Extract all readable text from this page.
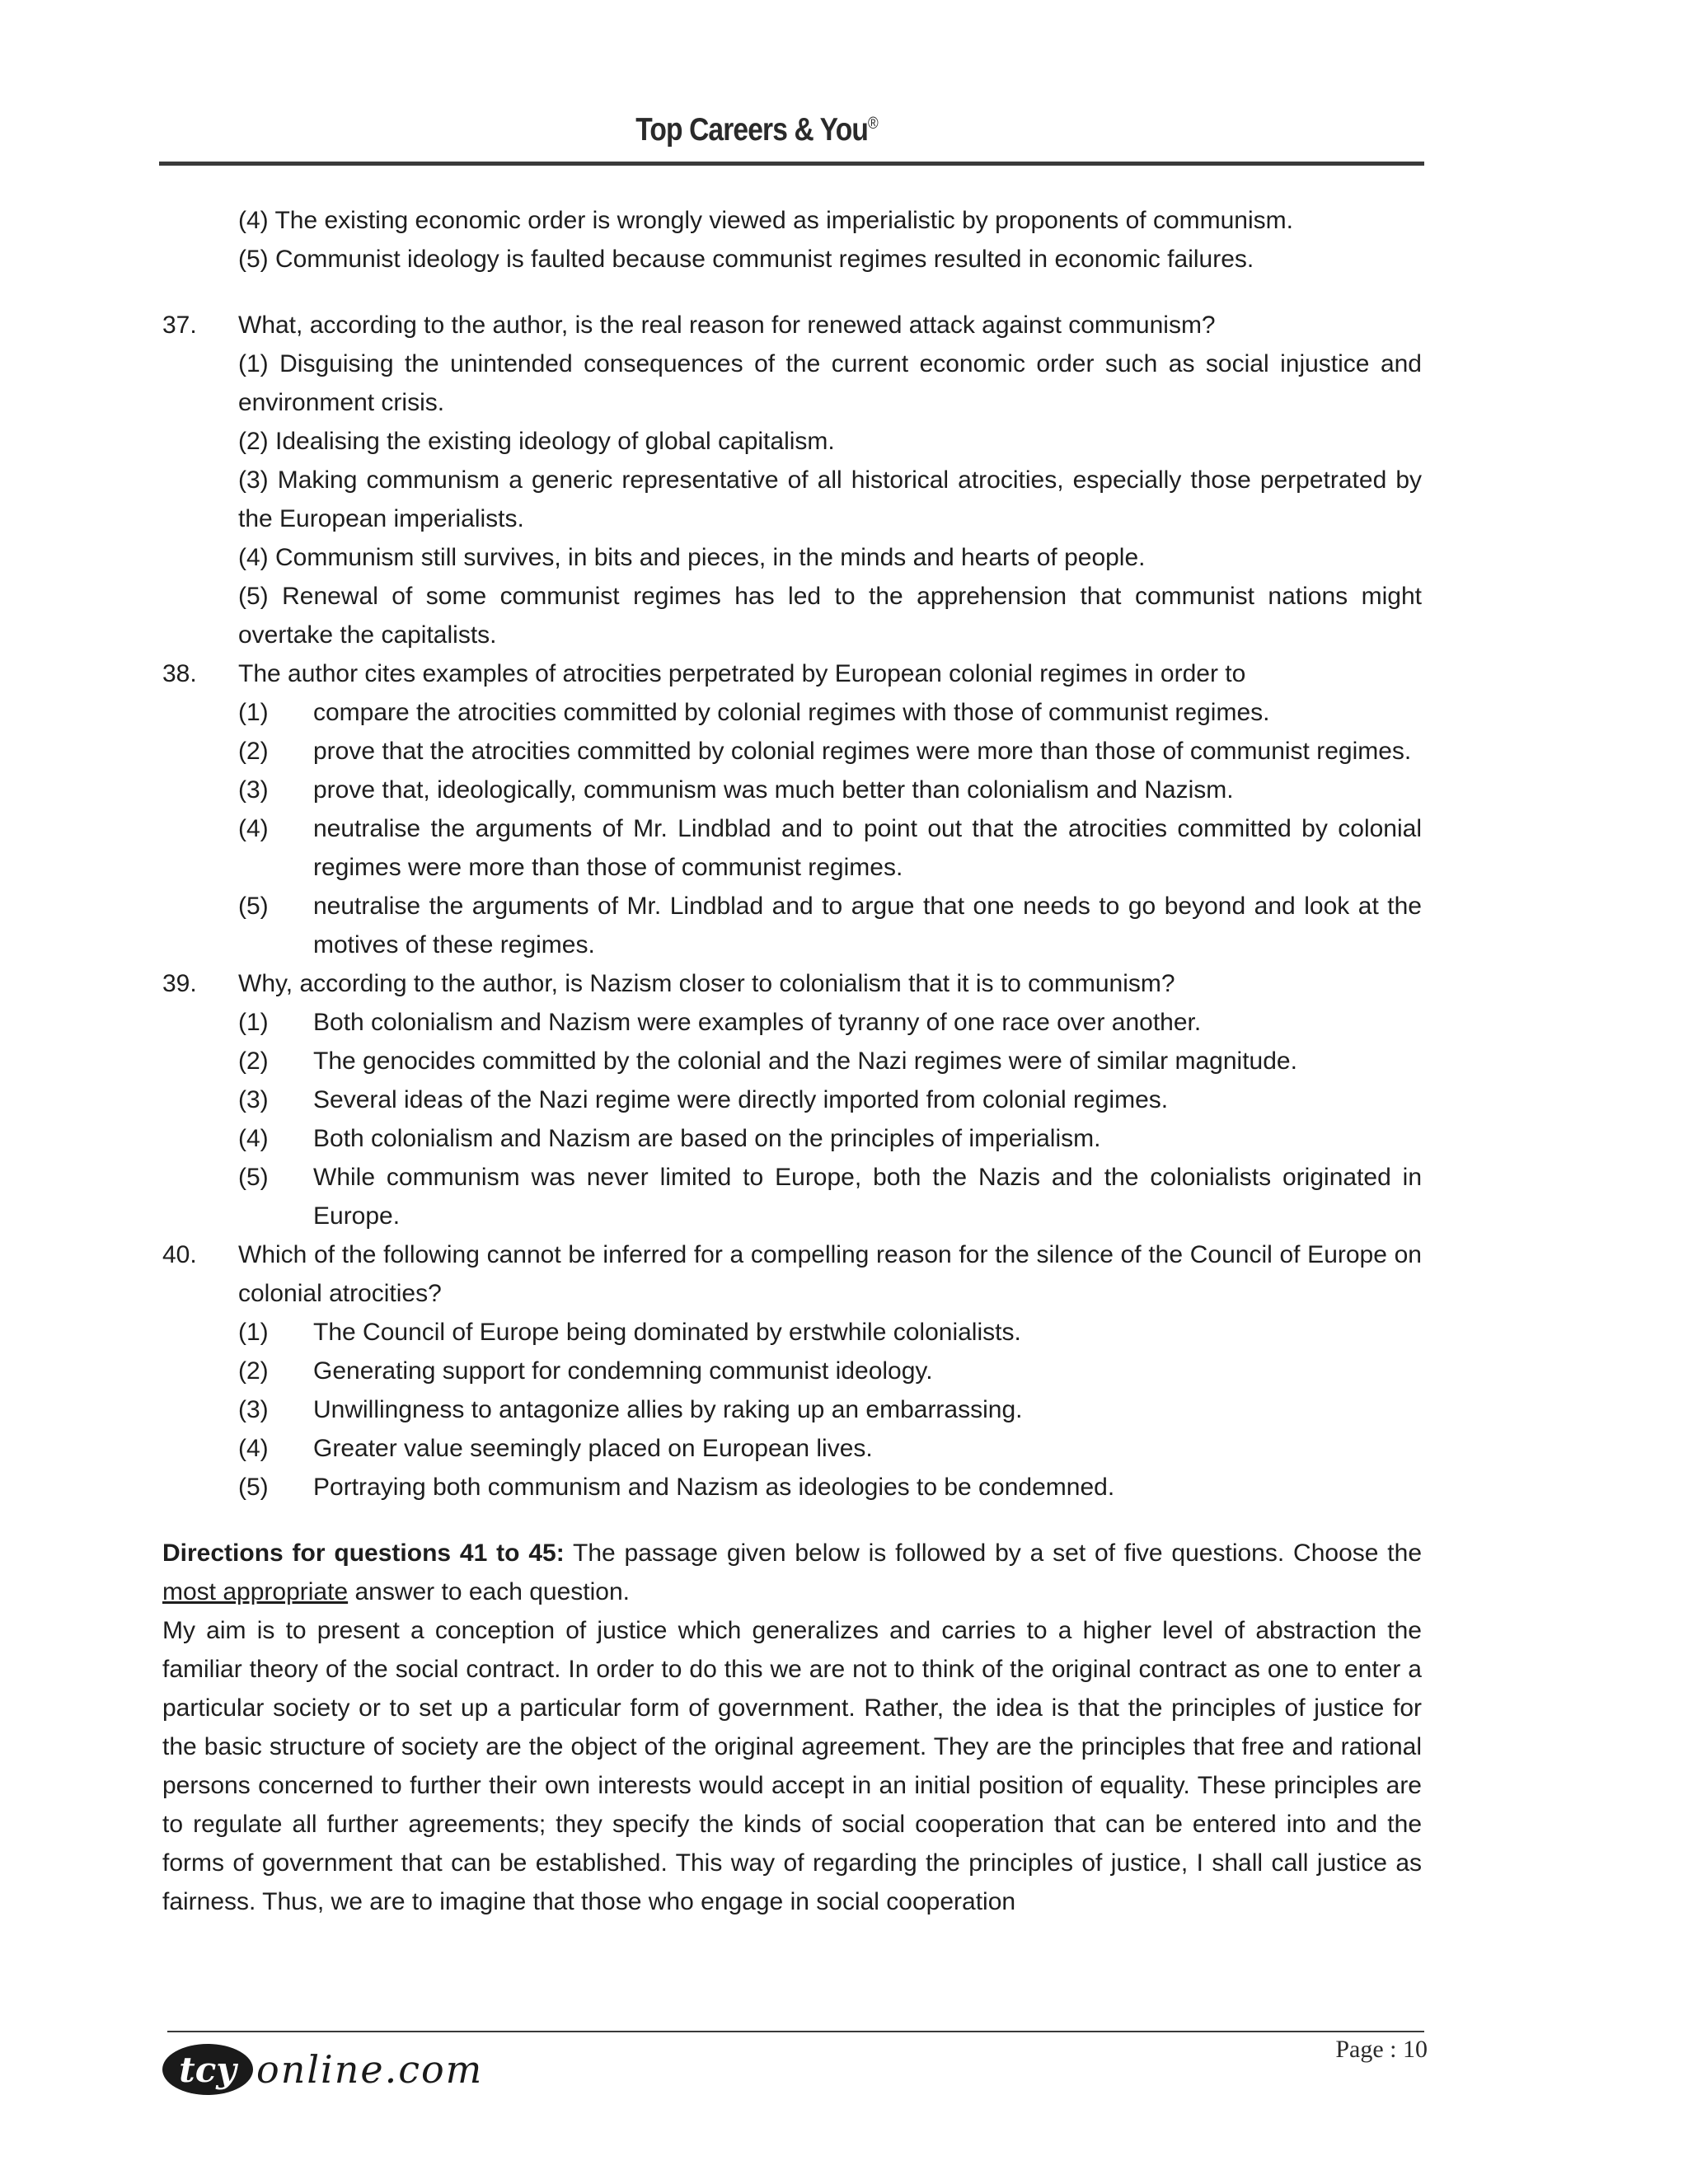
Top Careers & You®
(4) The existing economic order is wrongly viewed as imperialistic by proponents of communism.
(5) Communist ideology is faulted because communist regimes resulted in economic failures.
37.	What, according to the author, is the real reason for renewed attack against communism?
(1) Disguising the unintended consequences of the current economic order such as social injustice and environment crisis.
(2) Idealising the existing ideology of global capitalism.
(3) Making communism a generic representative of all historical atrocities, especially those perpetrated by the European imperialists.
(4) Communism still survives, in bits and pieces, in the minds and hearts of people.
(5) Renewal of some communist regimes has led to the apprehension that communist nations might overtake the capitalists.
38.	The author cites examples of atrocities perpetrated by European colonial regimes in order to
(1)	compare the atrocities committed by colonial regimes with those of communist regimes.
(2)	prove that the atrocities committed by colonial regimes were more than those of communist regimes.
(3)	prove that, ideologically, communism was much better than colonialism and Nazism.
(4)	neutralise the arguments of Mr. Lindblad and to point out that the atrocities committed by colonial regimes were more than those of communist regimes.
(5)	neutralise the arguments of Mr. Lindblad and to argue that one needs to go beyond and look at the motives of these regimes.
39.	Why, according to the author, is Nazism closer to colonialism that it is to communism?
(1)	Both colonialism and Nazism were examples of tyranny of one race over another.
(2)	The genocides committed by the colonial and the Nazi regimes were of similar magnitude.
(3)	Several ideas of the Nazi regime were directly imported from colonial regimes.
(4)	Both colonialism and Nazism are based on the principles of imperialism.
(5)	While communism was never limited to Europe, both the Nazis and the colonialists originated in Europe.
40.	Which of the following cannot be inferred for a compelling reason for the silence of the Council of Europe on colonial atrocities?
(1)	The Council of Europe being dominated by erstwhile colonialists.
(2)	Generating support for condemning communist ideology.
(3)	Unwillingness to antagonize allies by raking up an embarrassing.
(4)	Greater value seemingly placed on European lives.
(5)	Portraying both communism and Nazism as ideologies to be condemned.
Directions for questions 41 to 45: The passage given below is followed by a set of five questions. Choose the most appropriate answer to each question.
My aim is to present a conception of justice which generalizes and carries to a higher level of abstraction the familiar theory of the social contract. In order to do this we are not to think of the original contract as one to enter a particular society or to set up a particular form of government. Rather, the idea is that the principles of justice for the basic structure of society are the object of the original agreement. They are the principles that free and rational persons concerned to further their own interests would accept in an initial position of equality. These principles are to regulate all further agreements; they specify the kinds of social cooperation that can be entered into and the forms of government that can be established. This way of regarding the principles of justice, I shall call justice as fairness. Thus, we are to imagine that those who engage in social cooperation
tcy online.com	Page : 10
